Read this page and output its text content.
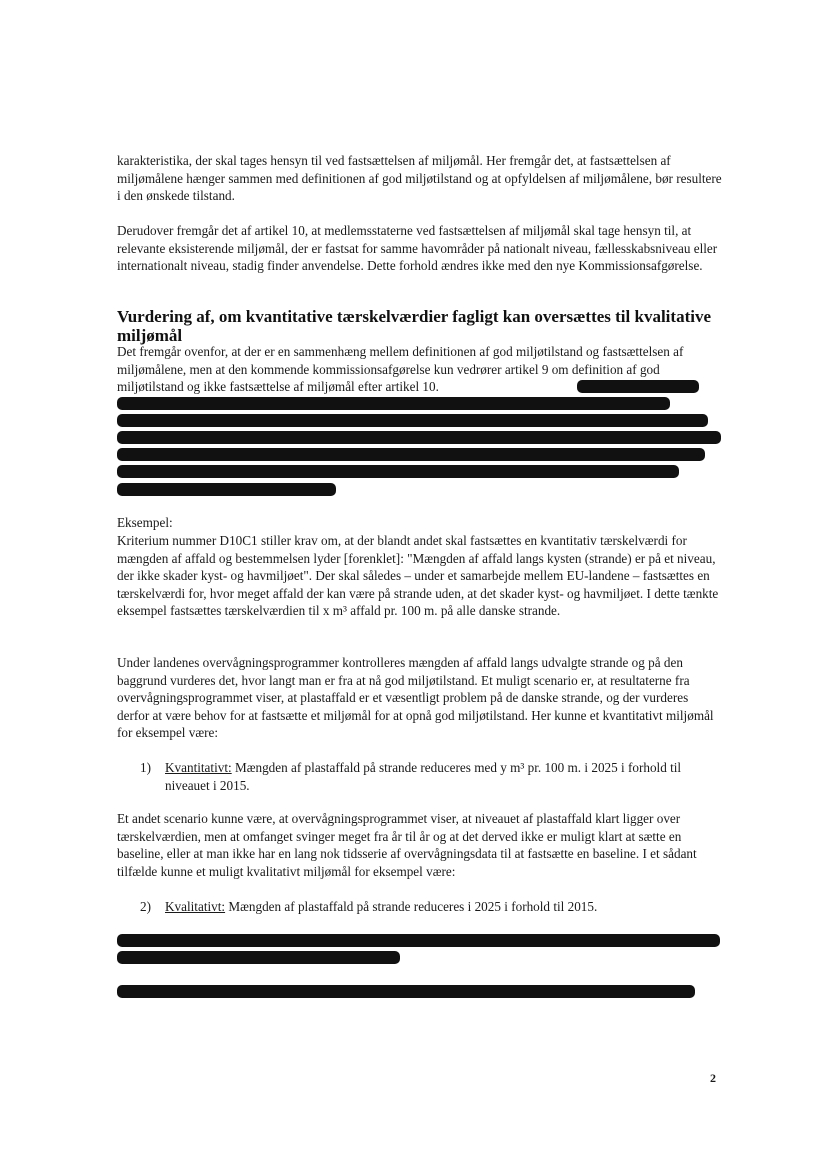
karakteristika, der skal tages hensyn til ved fastsættelsen af miljømål. Her fremgår det, at fastsættelsen af miljømålene hænger sammen med definitionen af god miljøtilstand og at opfyldelsen af miljømålene, bør resultere i den ønskede tilstand.

Derudover fremgår det af artikel 10, at medlemsstaterne ved fastsættelsen af miljømål skal tage hensyn til, at relevante eksisterende miljømål, der er fastsat for samme havområder på nationalt niveau, fællesskabsniveau eller internationalt niveau, stadig finder anvendelse. Dette forhold ændres ikke med den nye Kommissionsafgørelse.

Vurdering af, om kvantitative tærskelværdier fagligt kan oversættes til kvalitative miljømål

Det fremgår ovenfor, at der er en sammenhæng mellem definitionen af god miljøtilstand og fastsættelsen af miljømålene, men at den kommende kommissionsafgørelse kun vedrører artikel 9 om definition af god miljøtilstand og ikke fastsættelse af miljømål efter artikel 10.

Eksempel:

Kriterium nummer D10C1 stiller krav om, at der blandt andet skal fastsættes en kvantitativ tærskelværdi for mængden af affald og bestemmelsen lyder [forenklet]: "Mængden af affald langs kysten (strande) er på et niveau, der ikke skader kyst- og havmiljøet". Der skal således – under et samarbejde mellem EU-landene – fastsættes en tærskelværdi for, hvor meget affald der kan være på strande uden, at det skader kyst- og havmiljøet. I dette tænkte eksempel fastsættes tærskelværdien til x m³ affald pr. 100 m. på alle danske strande.

Under landenes overvågningsprogrammer kontrolleres mængden af affald langs udvalgte strande og på den baggrund vurderes det, hvor langt man er fra at nå god miljøtilstand. Et muligt scenario er, at resultaterne fra overvågningsprogrammet viser, at plastaffald er et væsentligt problem på de danske strande, og der vurderes derfor at være behov for at fastsætte et miljømål for at opnå god miljøtilstand. Her kunne et kvantitativt miljømål for eksempel være:

1) Kvantitativt: Mængden af plastaffald på strande reduceres med y m³ pr. 100 m. i 2025 i forhold til niveauet i 2015.

Et andet scenario kunne være, at overvågningsprogrammet viser, at niveauet af plastaffald klart ligger over tærskelværdien, men at omfanget svinger meget fra år til år og at det derved ikke er muligt klart at sætte en baseline, eller at man ikke har en lang nok tidsserie af overvågningsdata til at fastsætte en baseline. I et sådant tilfælde kunne et muligt kvalitativt miljømål for eksempel være:

2) Kvalitativt: Mængden af plastaffald på strande reduceres i 2025 i forhold til 2015.
2
